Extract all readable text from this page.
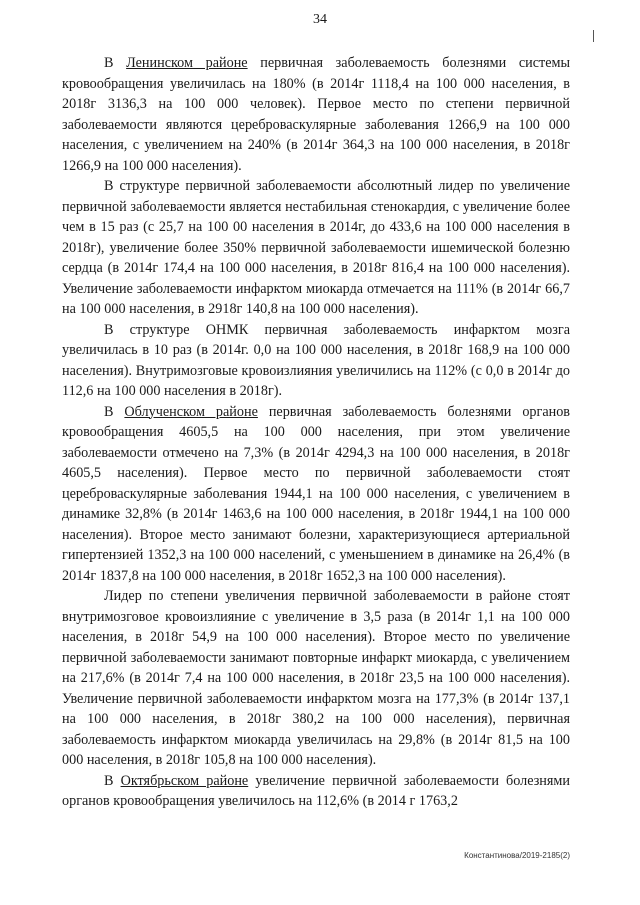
34

В Ленинском районе первичная заболеваемость болезнями системы кровообращения увеличилась на 180% (в 2014г 1118,4 на 100 000 населения, в 2018г 3136,3 на 100 000 человек). Первое место по степени первичной заболеваемости являются цереброваскулярные заболевания 1266,9 на 100 000 населения, с увеличением на 240% (в 2014г 364,3 на 100 000 населения, в 2018г 1266,9 на 100 000 населения).

В структуре первичной заболеваемости абсолютный лидер по увеличение первичной заболеваемости является нестабильная стенокардия, с увеличение более чем в 15 раз (с 25,7 на 100 00 населения в 2014г, до 433,6 на 100 000 населения в 2018г), увеличение более 350% первичной заболеваемости ишемической болезню сердца (в 2014г 174,4 на 100 000 населения, в 2018г 816,4 на 100 000 населения). Увеличение заболеваемости инфарктом миокарда отмечается на 111% (в 2014г 66,7 на 100 000 населения, в 2918г 140,8 на 100 000 населения).

В структуре ОНМК первичная заболеваемость инфарктом мозга увеличилась в 10 раз (в 2014г. 0,0 на 100 000 населения, в 2018г 168,9 на 100 000 населения). Внутримозговые кровоизлияния увеличились на 112% (с 0,0 в 2014г до 112,6 на 100 000 населения в 2018г).

В Облученском районе первичная заболеваемость болезнями органов кровообращения 4605,5 на 100 000 населения, при этом увеличение заболеваемости отмечено на 7,3% (в 2014г 4294,3 на 100 000 населения, в 2018г 4605,5 населения). Первое место по первичной заболеваемости стоят цереброваскулярные заболевания 1944,1 на 100 000 населения, с увеличением в динамике 32,8% (в 2014г 1463,6 на 100 000 населения, в 2018г 1944,1 на 100 000 населения). Второе место занимают болезни, характеризующиеся артериальной гипертензией 1352,3 на 100 000 населений, с уменьшением в динамике на 26,4% (в 2014г 1837,8 на 100 000 населения, в 2018г 1652,3 на 100 000 населения).

Лидер по степени увеличения первичной заболеваемости в районе стоят внутримозговое кровоизлияние с увеличение в 3,5 раза (в 2014г 1,1 на 100 000 населения, в 2018г 54,9 на 100 000 населения). Второе место по увеличение первичной заболеваемости занимают повторные инфаркт миокарда, с увеличением на 217,6% (в 2014г 7,4 на 100 000 населения, в 2018г 23,5 на 100 000 населения). Увеличение первичной заболеваемости инфарктом мозга на 177,3% (в 2014г 137,1 на 100 000 населения, в 2018г 380,2 на 100 000 населения), первичная заболеваемость инфарктом миокарда увеличилась на 29,8% (в 2014г 81,5 на 100 000 населения, в 2018г 105,8 на 100 000 населения).

В Октябрьском районе увеличение первичной заболеваемости болезнями органов кровообращения увеличилось на 112,6% (в 2014 г 1763,2

Константинова/2019-2185(2)
